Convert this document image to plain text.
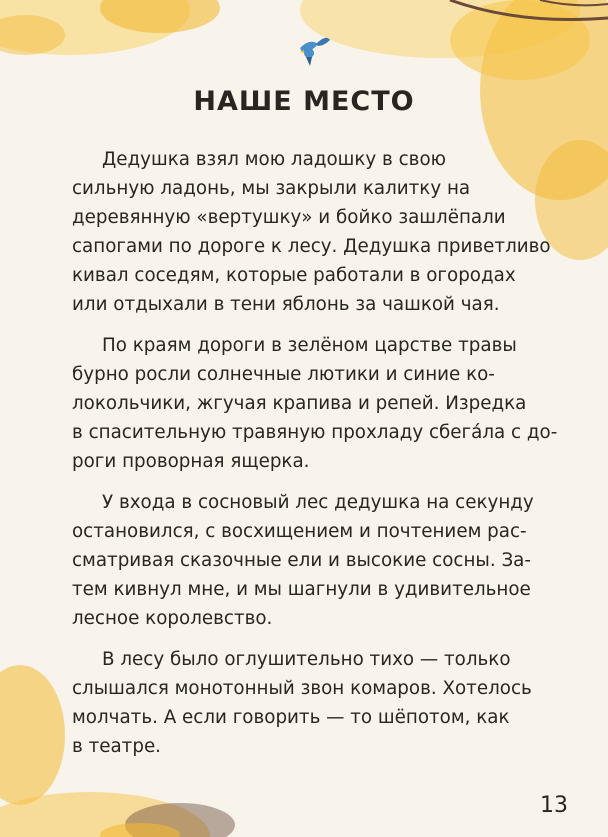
НАШЕ МЕСТО
Дедушка взял мою ладошку в свою
сильную ладонь, мы закрыли калитку на
деревянную «вертушку» и бойко зашлёпали
сапогами по дороге к лесу. Дедушка приветливо
кивал соседям, которые работали в огородах
или отдыхали в тени яблонь за чашкой чая.
По краям дороги в зелёном царстве травы
бурно росли солнечные лютики и синие ко-
локольчики, жгучая крапива и репей. Изредка
в спасительную травяную прохладу сбегáла с до-
роги проворная ящерка.
У входа в сосновый лес дедушка на секунду
остановился, с восхищением и почтением рас-
сматривая сказочные ели и высокие сосны. За-
тем кивнул мне, и мы шагнули в удивительное
лесное королевство.
В лесу было оглушительно тихо — только
слышался монотонный звон комаров. Хотелось
молчать. А если говорить — то шёпотом, как
в театре.
13
